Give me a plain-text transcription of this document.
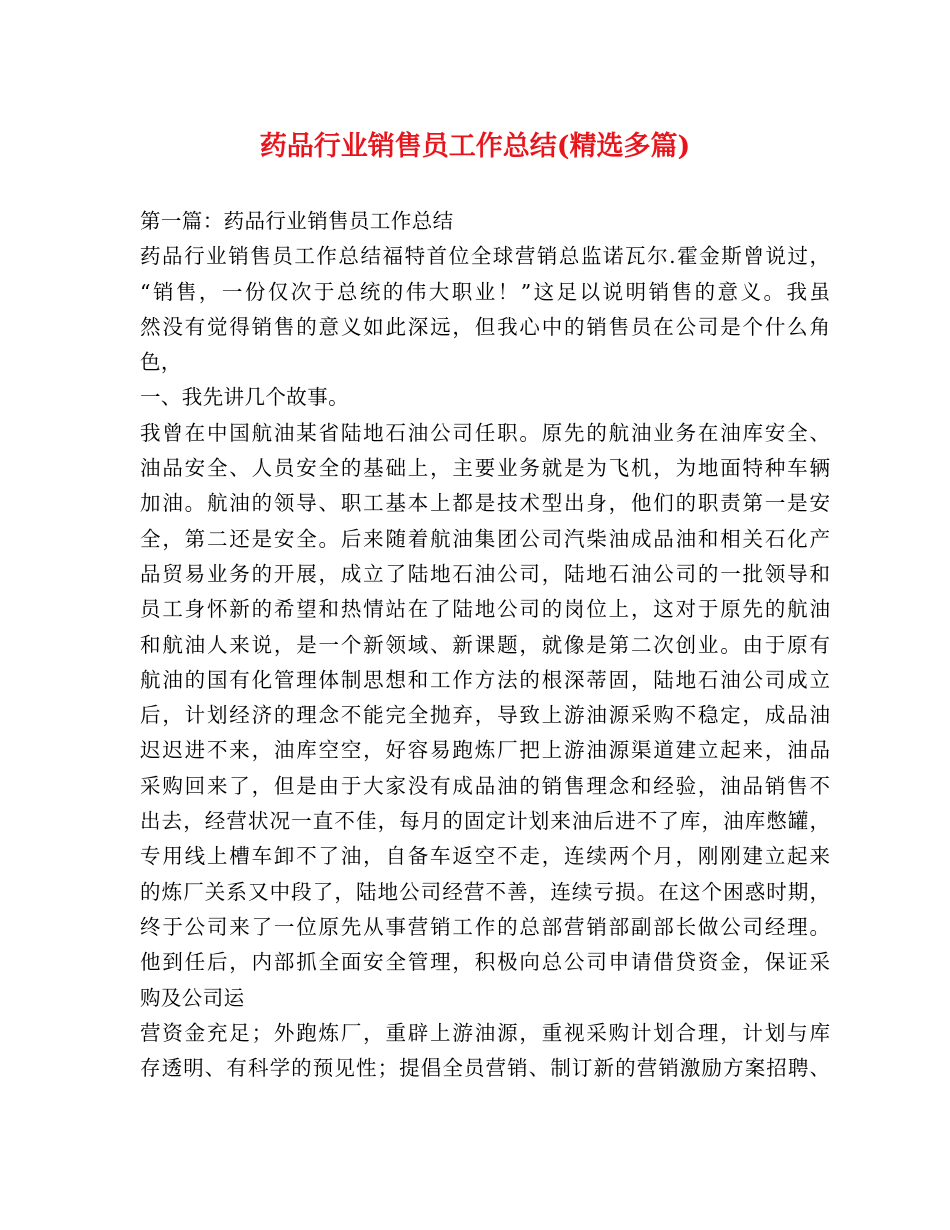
药品行业销售员工作总结(精选多篇)
第一篇：药品行业销售员工作总结
药品行业销售员工作总结福特首位全球营销总监诺瓦尔.霍金斯曾说过，
“销售，一份仅次于总统的伟大职业！”这足以说明销售的意义。我虽
然没有觉得销售的意义如此深远，但我心中的销售员在公司是个什么角
色，
一、我先讲几个故事。
我曾在中国航油某省陆地石油公司任职。原先的航油业务在油库安全、
油品安全、人员安全的基础上，主要业务就是为飞机，为地面特种车辆
加油。航油的领导、职工基本上都是技术型出身，他们的职责第一是安
全，第二还是安全。后来随着航油集团公司汽柴油成品油和相关石化产
品贸易业务的开展，成立了陆地石油公司，陆地石油公司的一批领导和
员工身怀新的希望和热情站在了陆地公司的岗位上，这对于原先的航油
和航油人来说，是一个新领域、新课题，就像是第二次创业。由于原有
航油的国有化管理体制思想和工作方法的根深蒂固，陆地石油公司成立
后，计划经济的理念不能完全抛弃，导致上游油源采购不稳定，成品油
迟迟进不来，油库空空，好容易跑炼厂把上游油源渠道建立起来，油品
采购回来了，但是由于大家没有成品油的销售理念和经验，油品销售不
出去，经营状况一直不佳，每月的固定计划来油后进不了库，油库憋罐，
专用线上槽车卸不了油，自备车返空不走，连续两个月，刚刚建立起来
的炼厂关系又中段了，陆地公司经营不善，连续亏损。在这个困惑时期，
终于公司来了一位原先从事营销工作的总部营销部副部长做公司经理。
他到任后，内部抓全面安全管理，积极向总公司申请借贷资金，保证采
购及公司运
营资金充足；外跑炼厂，重辟上游油源，重视采购计划合理，计划与库
存透明、有科学的预见性；提倡全员营销、制订新的营销激励方案招聘、
